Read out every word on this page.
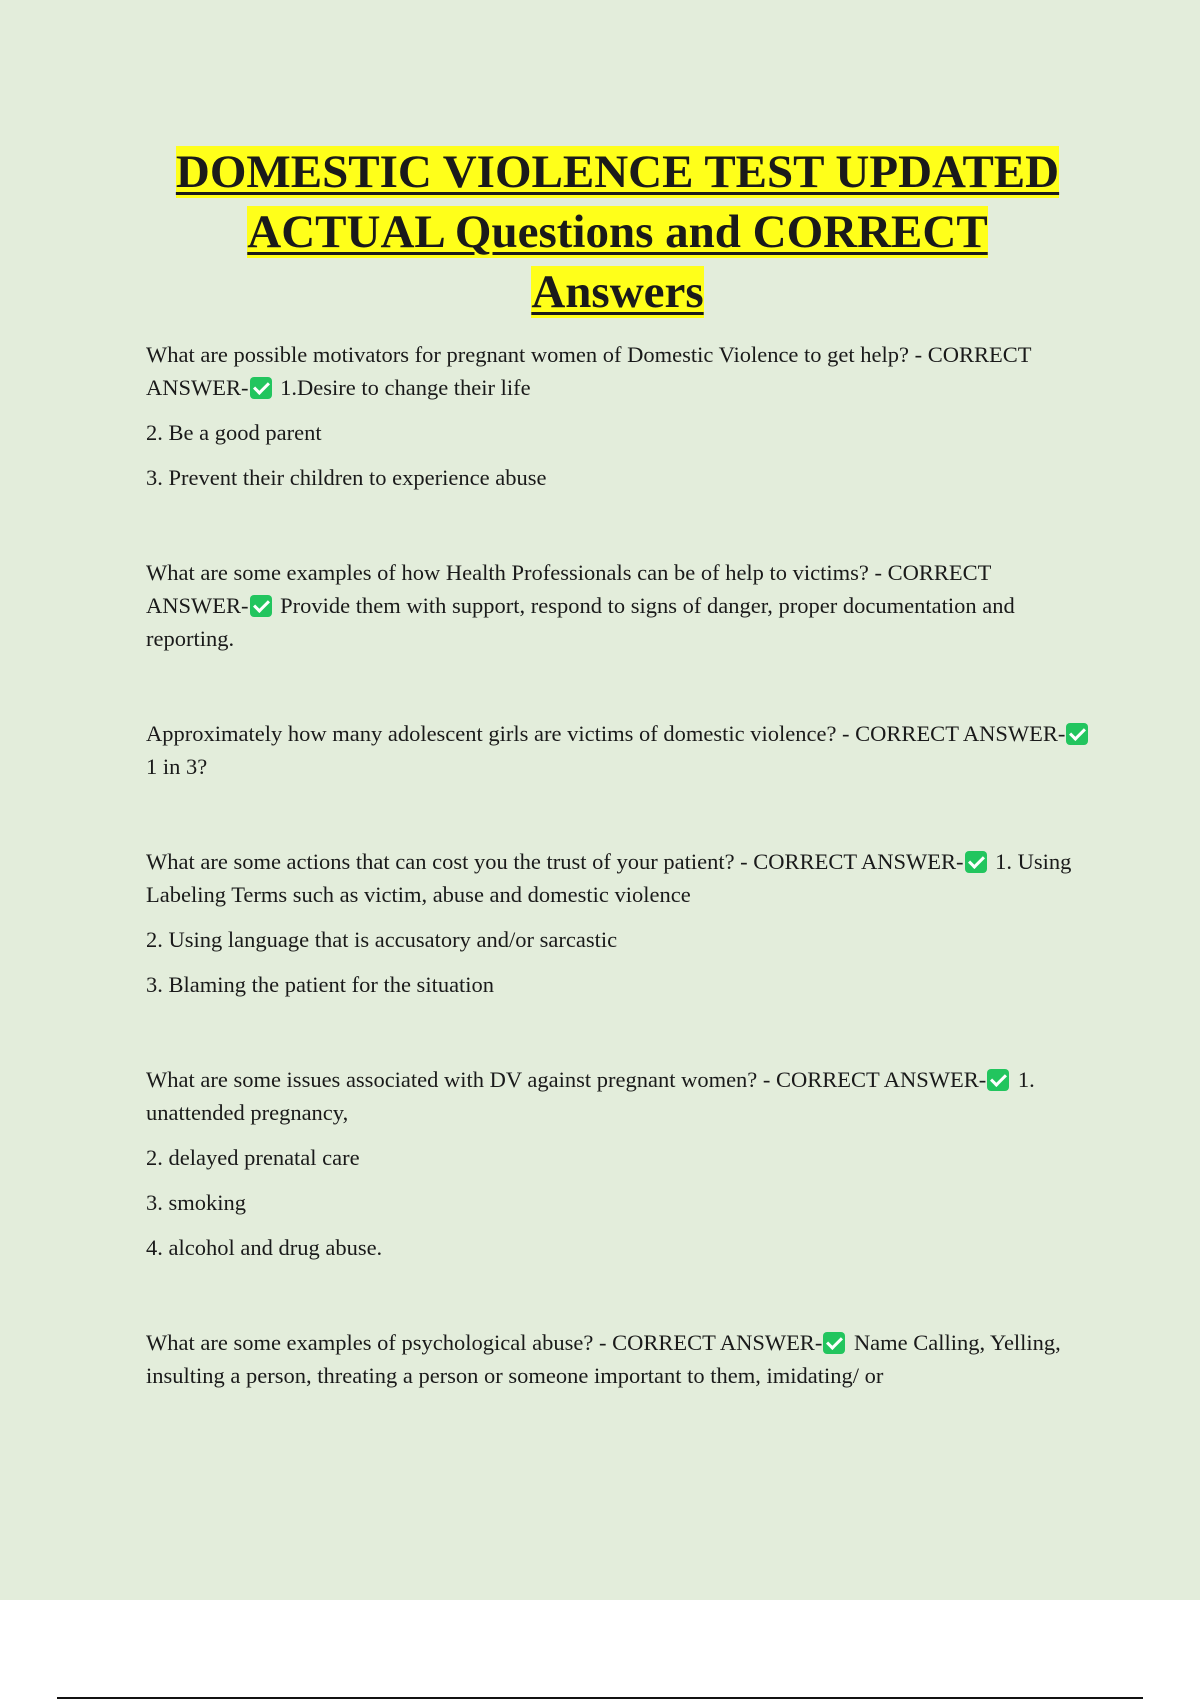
DOMESTIC VIOLENCE TEST UPDATED
ACTUAL Questions and CORRECT
Answers

What are possible motivators for pregnant women of Domestic Violence to get help? - CORRECT ANSWER- 1.Desire to change their life

2. Be a good parent

3. Prevent their children to experience abuse

What are some examples of how Health Professionals can be of help to victims? - CORRECT ANSWER- Provide them with support, respond to signs of danger, proper documentation and reporting.

Approximately how many adolescent girls are victims of domestic violence? - CORRECT ANSWER- 1 in 3?

What are some actions that can cost you the trust of your patient? - CORRECT ANSWER- 1. Using Labeling Terms such as victim, abuse and domestic violence

2. Using language that is accusatory and/or sarcastic

3. Blaming the patient for the situation

What are some issues associated with DV against pregnant women? - CORRECT ANSWER- 1. unattended pregnancy,

2. delayed prenatal care

3. smoking

4. alcohol and drug abuse.

What are some examples of psychological abuse? - CORRECT ANSWER- Name Calling, Yelling, insulting a person, threating a person or someone important to them, imidating/ or
